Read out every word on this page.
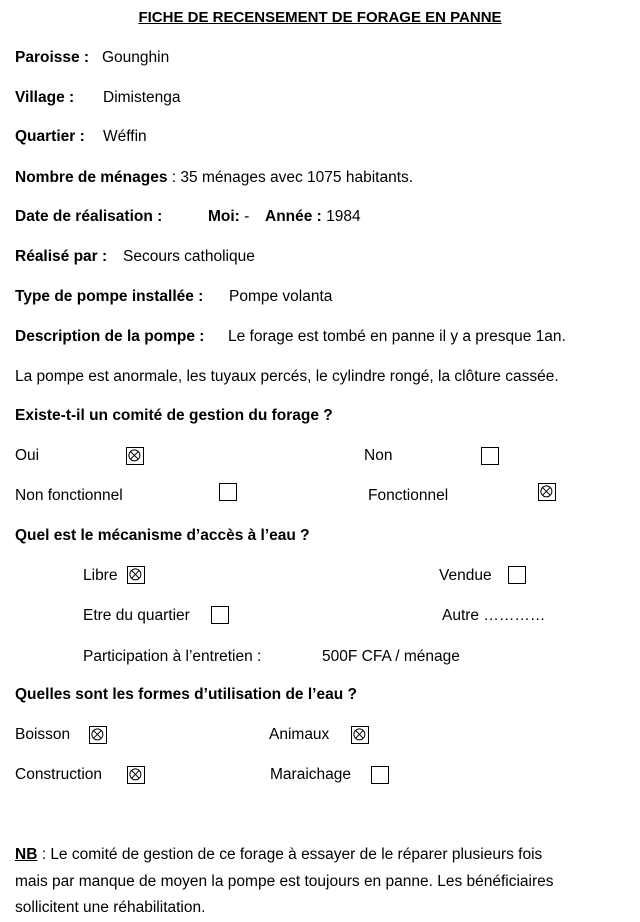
FICHE DE RECENSEMENT DE FORAGE EN PANNE
Paroisse : Gounghin
Village : Dimistenga
Quartier : Wéffin
Nombre de ménages : 35 ménages avec 1075 habitants.
Date de réalisation :	Moi: - Année : 1984
Réalisé par : Secours catholique
Type de pompe installée : Pompe volanta
Description de la pompe : Le forage est tombé en panne il y a presque 1an.
La pompe est anormale, les tuyaux percés, le cylindre rongé, la clôture cassée.
Existe-t-il un comité de gestion du forage ?
Oui	Non
Non fonctionnel	Fonctionnel
Quel est le mécanisme d’accès à l’eau ?
Libre	Vendue
Etre du quartier	Autre …………
Participation à l’entretien :	500F CFA / ménage
Quelles sont les formes d’utilisation de l’eau ?
Boisson	Animaux
Construction	Maraichage
NB : Le comité de gestion de ce forage à essayer de le réparer plusieurs fois
mais par manque de moyen la pompe est toujours en panne. Les bénéficiaires
sollicitent une réhabilitation.
